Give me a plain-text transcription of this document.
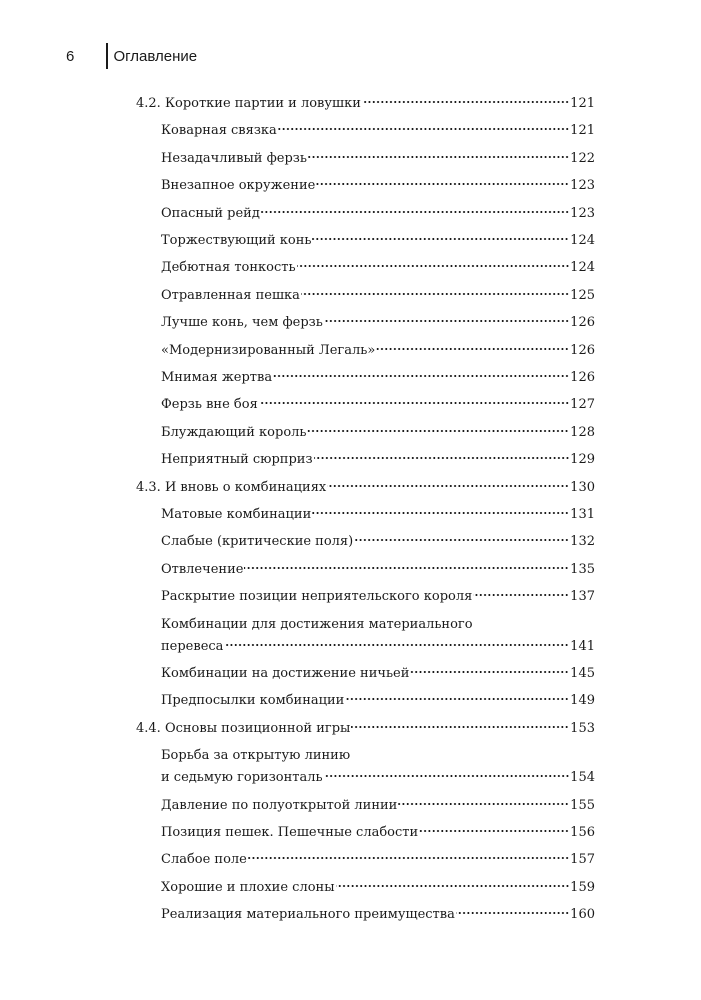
6	Оглавление
4.2. Короткие партии и ловушки	121
Коварная связка	121
Незадачливый ферзь	122
Внезапное окружение	123
Опасный рейд	123
Торжествующий конь	124
Дебютная тонкость	124
Отравленная пешка	125
Лучше конь, чем ферзь	126
«Модернизированный Легаль»	126
Мнимая жертва	126
Ферзь вне боя	127
Блуждающий король	128
Неприятный сюрприз	129
4.3. И вновь о комбинациях	130
Матовые комбинации	131
Слабые (критические поля)	132
Отвлечение	135
Раскрытие позиции неприятельского короля	137
Комбинации для достижения материального
перевеса	141
Комбинации на достижение ничьей	145
Предпосылки комбинации	149
4.4. Основы позиционной игры	153
Борьба за открытую линию
и седьмую горизонталь	154
Давление по полуоткрытой линии	155
Позиция пешек. Пешечные слабости	156
Слабое поле	157
Хорошие и плохие слоны	159
Реализация материального преимущества	160
